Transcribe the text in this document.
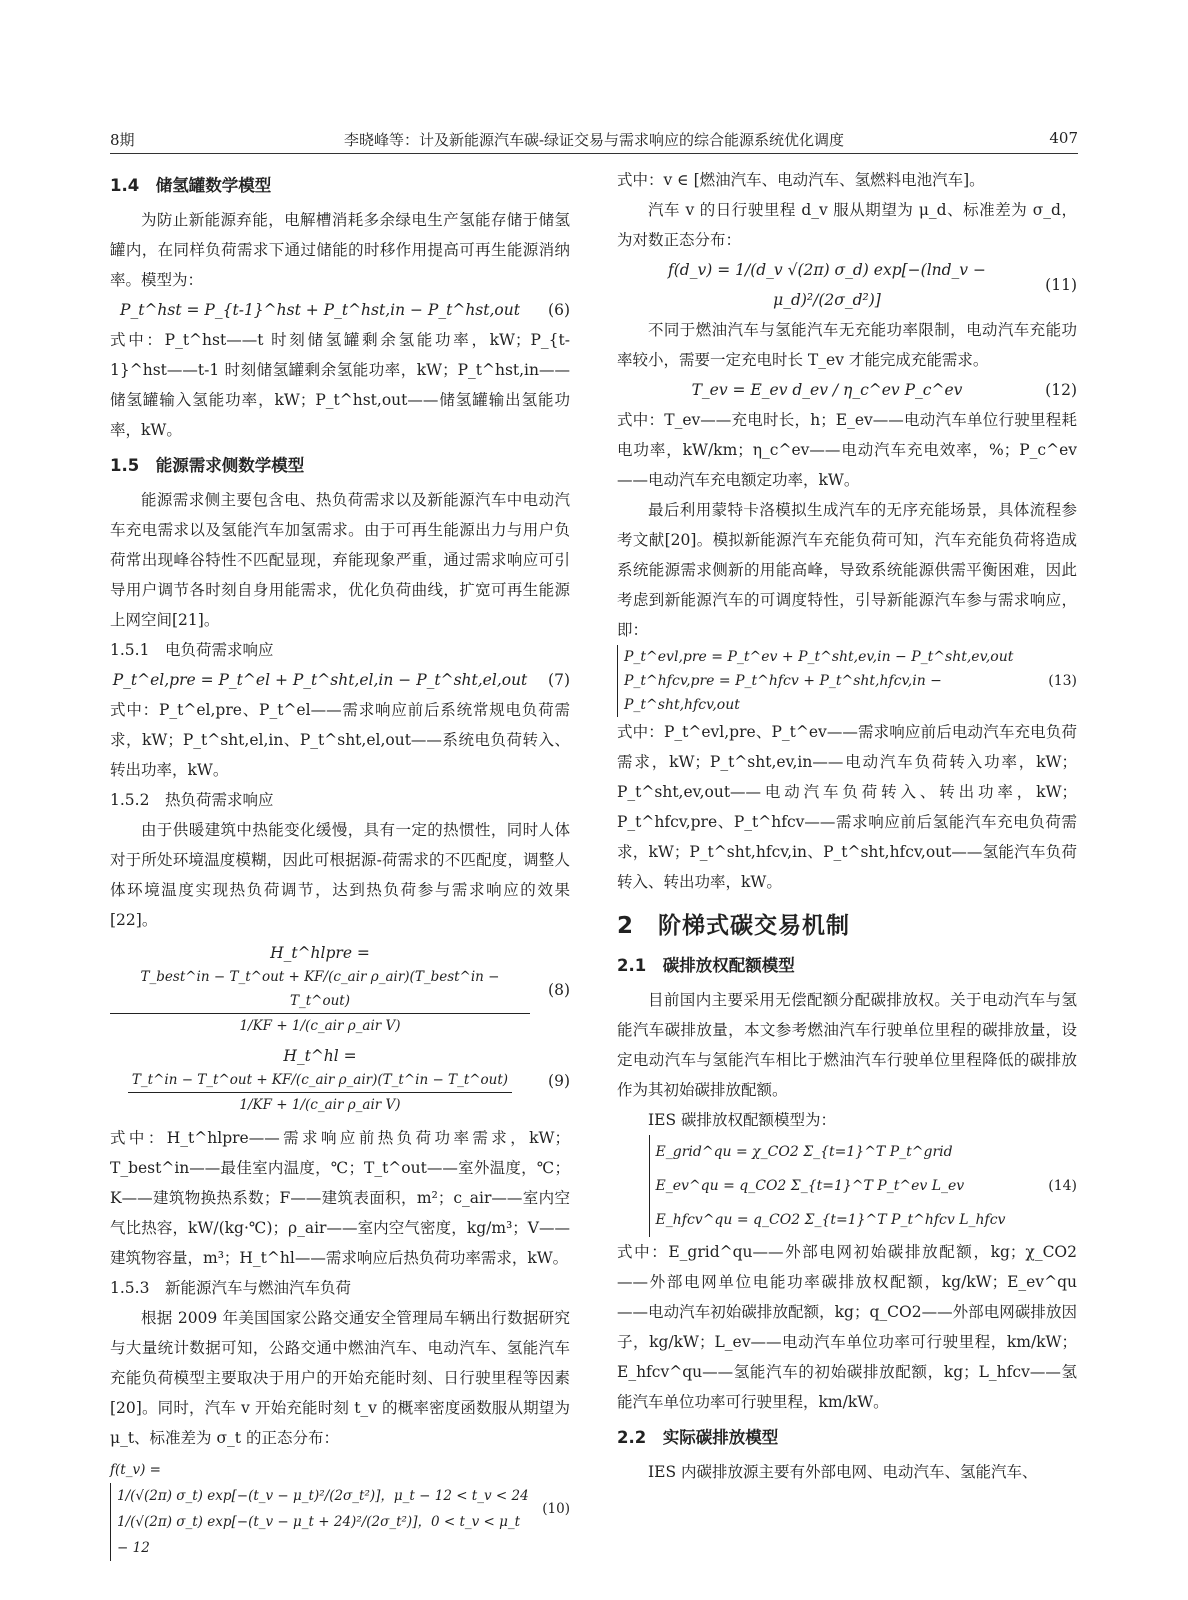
8期	李晓峰等：计及新能源汽车碳-绿证交易与需求响应的综合能源系统优化调度	407
1.4　储氢罐数学模型

为防止新能源弃能，电解槽消耗多余绿电生产氢能存储于储氢罐内，在同样负荷需求下通过储能的时移作用提高可再生能源消纳率。模型为：

P_t^hst = P_{t-1}^hst + P_t^hst,in − P_t^hst,out (6)

式中：P_t^hst——t 时刻储氢罐剩余氢能功率，kW；P_{t-1}^hst——t-1 时刻储氢罐剩余氢能功率，kW；P_t^hst,in——储氢罐输入氢能功率，kW；P_t^hst,out——储氢罐输出氢能功率，kW。

1.5　能源需求侧数学模型

能源需求侧主要包含电、热负荷需求以及新能源汽车中电动汽车充电需求以及氢能汽车加氢需求。由于可再生能源出力与用户负荷常出现峰谷特性不匹配显现，弃能现象严重，通过需求响应可引导用户调节各时刻自身用能需求，优化负荷曲线，扩宽可再生能源上网空间[21]。

1.5.1　电负荷需求响应
P_t^el,pre = P_t^el + P_t^sht,el,in − P_t^sht,el,out (7)

式中：P_t^el,pre、P_t^el——需求响应前后系统常规电负荷需求，kW；P_t^sht,el,in、P_t^sht,el,out——系统电负荷转入、转出功率，kW。

1.5.2　热负荷需求响应

由于供暖建筑中热能变化缓慢，具有一定的热惯性，同时人体对于所处环境温度模糊，因此可根据源-荷需求的不匹配度，调整人体环境温度实现热负荷调节，达到热负荷参与需求响应的效果[22]。

H_t^hlpre =
$\frac{\text{T\_best\textasciicircum{}in − T\_t\textasciicircum{}out + KF/(c\_air ρ\_air)(T\_best\textasciicircum{}in − T\_t\textasciicircum{}out)}}{\text{1/KF + 1/(c\_air ρ\_air V)}} (8)$
H_t^hl =
$\frac{\text{T\_t\textasciicircum{}in − T\_t\textasciicircum{}out + KF/(c\_air ρ\_air)(T\_t\textasciicircum{}in − T\_t\textasciicircum{}out)}}{\text{1/KF + 1/(c\_air ρ\_air V)}} (9)$

式中：H_t^hlpre——需求响应前热负荷功率需求，kW；T_best^in——最佳室内温度，℃；T_t^out——室外温度，℃；K——建筑物换热系数；F——建筑表面积，m²；c_air——室内空气比热容，kW/(kg·℃)；ρ_air——室内空气密度，kg/m³；V——建筑物容量，m³；H_t^hl——需求响应后热负荷功率需求，kW。

1.5.3　新能源汽车与燃油汽车负荷

根据 2009 年美国国家公路交通安全管理局车辆出行数据研究与大量统计数据可知，公路交通中燃油汽车、电动汽车、氢能汽车充能负荷模型主要取决于用户的开始充能时刻、日行驶里程等因素[20]。同时，汽车 v 开始充能时刻 t_v 的概率密度函数服从期望为 μ_t、标准差为 σ_t 的正态分布：

f(t_v) =
1/(√(2π) σ_t) exp[−(t_v − μ_t)²/(2σ_t²)]，μ_t − 12 < t_v < 24
1/(√(2π) σ_t) exp[−(t_v − μ_t + 24)²/(2σ_t²)]，0 < t_v < μ_t − 12
(10)

式中：v ∈ [燃油汽车、电动汽车、氢燃料电池汽车]。

汽车 v 的日行驶里程 d_v 服从期望为 μ_d、标准差为 σ_d，为对数正态分布：

f(d_v) = 1/(d_v √(2π) σ_d) exp[−(lnd_v − μ_d)²/(2σ_d²)]
(11)

不同于燃油汽车与氢能汽车无充能功率限制，电动汽车充能功率较小，需要一定充电时长 T_ev 才能完成充能需求。

T_ev = E_ev d_ev / η_c^ev P_c^ev	(12)

式中：T_ev——充电时长，h；E_ev——电动汽车单位行驶里程耗电功率，kW/km；η_c^ev——电动汽车充电效率，%；P_c^ev——电动汽车充电额定功率，kW。

最后利用蒙特卡洛模拟生成汽车的无序充能场景，具体流程参考文献[20]。模拟新能源汽车充能负荷可知，汽车充能负荷将造成系统能源需求侧新的用能高峰，导致系统能源供需平衡困难，因此考虑到新能源汽车的可调度特性，引导新能源汽车参与需求响应，即：

P_t^evl,pre = P_t^ev + P_t^sht,ev,in − P_t^sht,ev,out
P_t^hfcv,pre = P_t^hfcv + P_t^sht,hfcv,in − P_t^sht,hfcv,out
(13)

式中：P_t^evl,pre、P_t^ev——需求响应前后电动汽车充电负荷需求，kW；P_t^sht,ev,in——电动汽车负荷转入功率，kW；P_t^sht,ev,out——电动汽车负荷转入、转出功率，kW；P_t^hfcv,pre、P_t^hfcv——需求响应前后氢能汽车充电负荷需求，kW；P_t^sht,hfcv,in、P_t^sht,hfcv,out——氢能汽车负荷转入、转出功率，kW。

2　阶梯式碳交易机制
2.1　碳排放权配额模型

目前国内主要采用无偿配额分配碳排放权。关于电动汽车与氢能汽车碳排放量，本文参考燃油汽车行驶单位里程的碳排放量，设定电动汽车与氢能汽车相比于燃油汽车行驶单位里程降低的碳排放作为其初始碳排放配额。

IES 碳排放权配额模型为：

E_grid^qu = χ_CO2 Σ_{t=1}^T P_t^grid
E_ev^qu = q_CO2 Σ_{t=1}^T P_t^ev L_ev
E_hfcv^qu = q_CO2 Σ_{t=1}^T P_t^hfcv L_hfcv
(14)

式中：E_grid^qu——外部电网初始碳排放配额，kg；χ_CO2——外部电网单位电能功率碳排放权配额，kg/kW；E_ev^qu——电动汽车初始碳排放配额，kg；q_CO2——外部电网碳排放因子，kg/kW；L_ev——电动汽车单位功率可行驶里程，km/kW；E_hfcv^qu——氢能汽车的初始碳排放配额，kg；L_hfcv——氢能汽车单位功率可行驶里程，km/kW。

2.2　实际碳排放模型

IES 内碳排放源主要有外部电网、电动汽车、氢能汽车、
